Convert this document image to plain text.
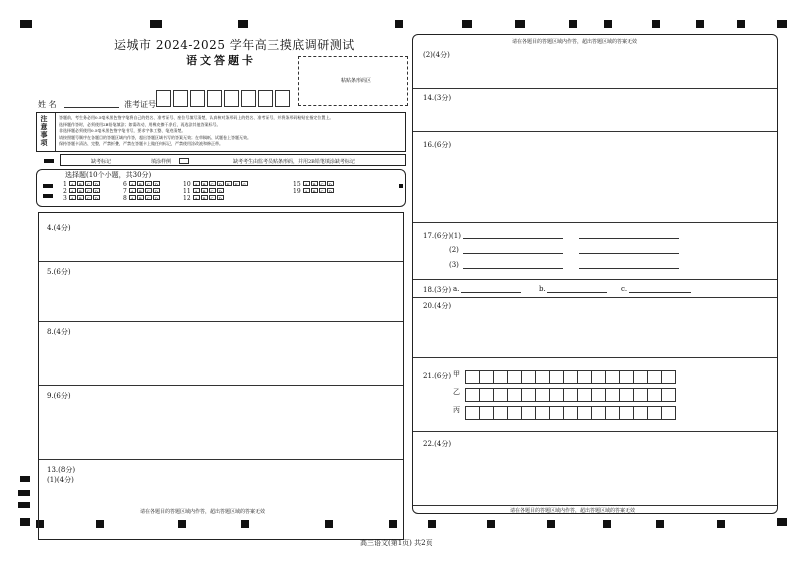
运城市 2024-2025 学年高三摸底调研测试
语文答题卡
粘贴条形码区
姓 名	准考证号
注意事项
答题前，考生务必用0.5毫米黑色签字笔将自己的姓名、准考证号、座位号填写清楚，认真核对条形码上的姓名、准考证号，并将条形码粘贴在指定位置上。
选择题作答时，必须使用2B铅笔填涂；如需改动，用橡皮擦干净后，再选涂其他答案标号。
非选择题必须使用0.5毫米黑色签字笔书写，要求字体工整、笔迹清楚。
请按照题号顺序在各题目的答题区域内作答，超出答题区域书写的答案无效；在草稿纸、试题卷上答题无效。
保持答题卡清洁、完整，严禁折叠，严禁在答题卡上做任何标记，严禁使用涂改液和修正带。
缺考标记	填涂样例	缺考考生由监考员贴条形码，并用2B铅笔填涂缺考标记
选择题(10个小题，共30分)
1 A B C D
2 A B C D
3 A B C D
6 A B C D
7 A B C D
8 A B C D
10 A B C D E F G
11 A B C D
12 A B C D
15 A B C D
19 A B C D
4.(4分)
5.(6分)
8.(4分)
9.(6分)
13.(8分)
(1)(4分)
请在各题目的答题区域内作答，超出答题区域的答案无效
请在各题目的答题区域内作答，超出答题区域的答案无效
(2)(4分)
14.(3分)
16.(6分)
17.(6分)(1)
(2)
(3)
18.(3分) a.	b.	c.
20.(4分)
21.(6分) 甲
乙
丙
22.(4分)
请在各题目的答题区域内作答，超出答题区域的答案无效
高三语文(第1页) 共2页
